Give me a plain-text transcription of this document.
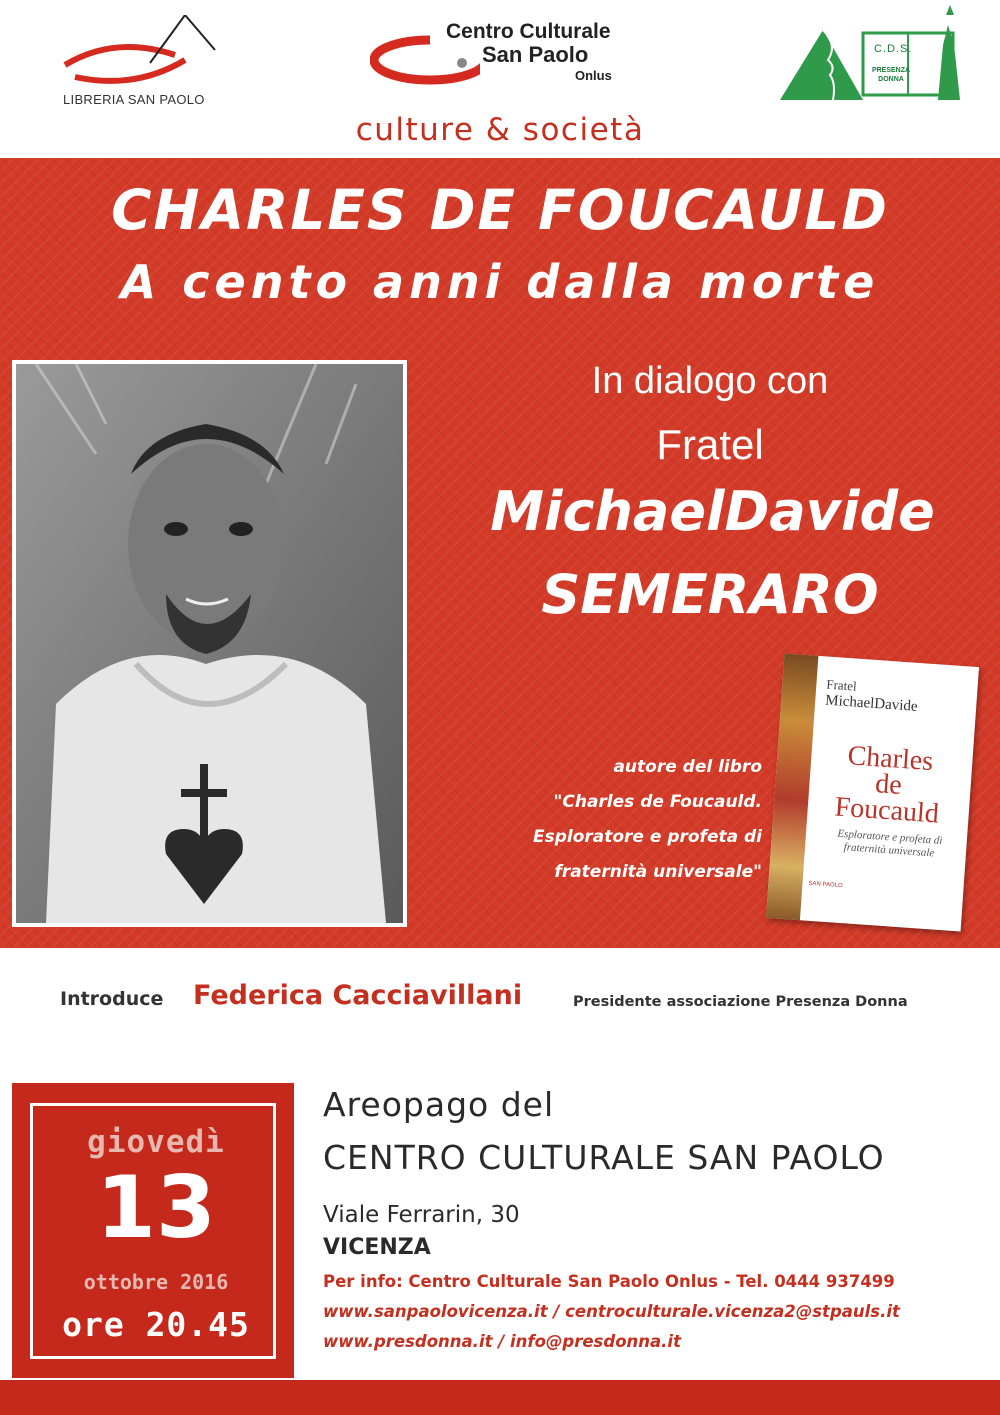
LIBRERIA SAN PAOLO
Centro Culturale
San Paolo
Onlus
C.D.S.
PRESENZA DONNA
culture & società
CHARLES DE FOUCAULD
A cento anni dalla morte
In dialogo con
Fratel
MichaelDavide
SEMERARO
autore del libro
"Charles de Foucauld.
Esploratore e profeta di
fraternità universale"
Fratel
MichaelDavide
Charles de Foucauld
Esploratore e profeta di fraternità universale
SAN PAOLO
Introduce Federica Cacciavillani	Presidente associazione Presenza Donna
giovedì
13
ottobre 2016
ore 20.45
Areopago del
CENTRO CULTURALE SAN PAOLO
Viale Ferrarin, 30
VICENZA
Per info: Centro Culturale San Paolo Onlus - Tel. 0444 937499
www.sanpaolovicenza.it / centroculturale.vicenza2@stpauls.it
www.presdonna.it / info@presdonna.it
